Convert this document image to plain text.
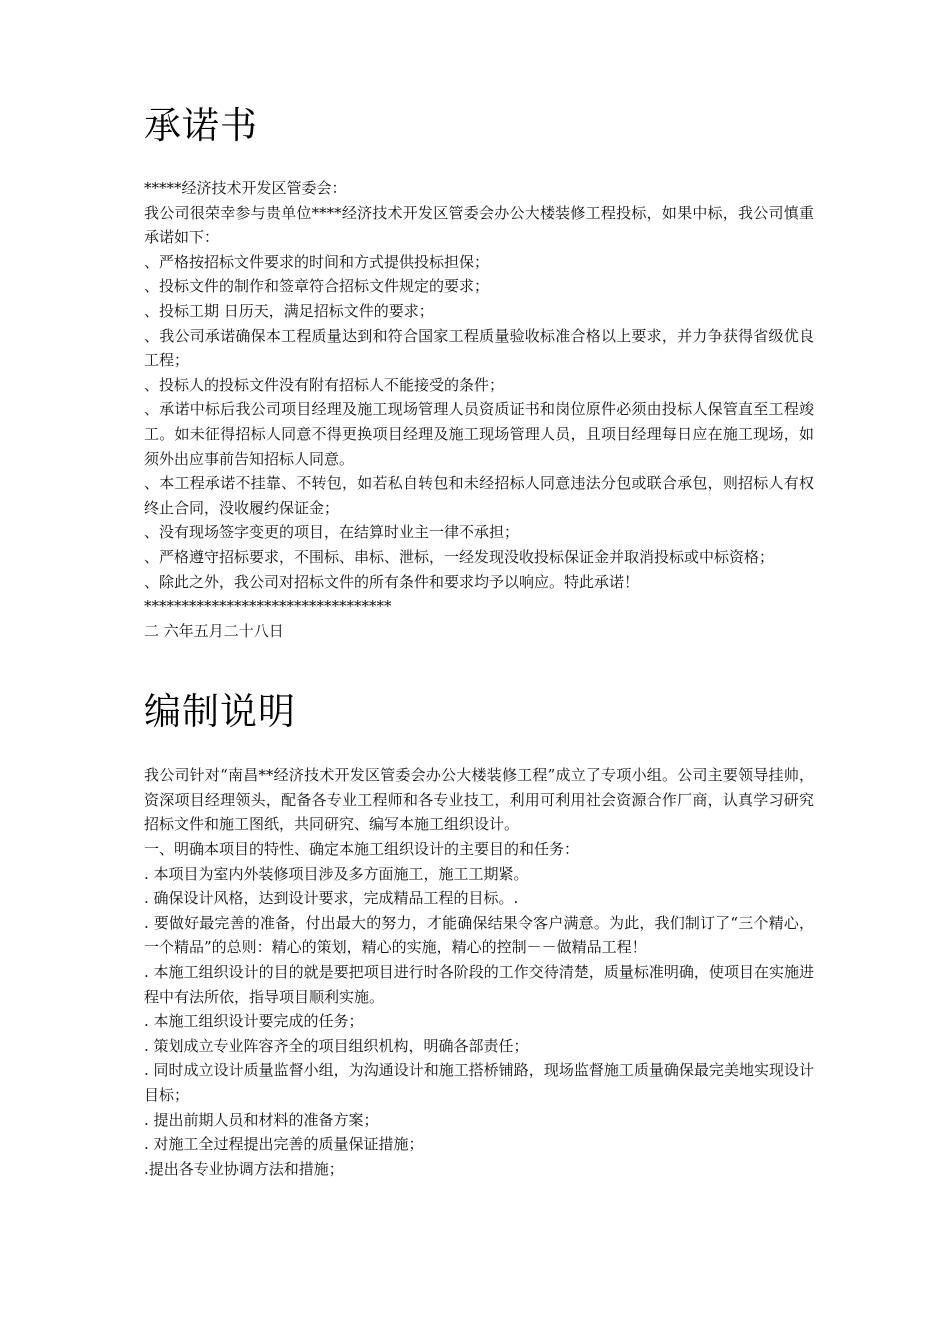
承诺书

*****经济技术开发区管委会：

我公司很荣幸参与贵单位****经济技术开发区管委会办公大楼装修工程投标，如果中标，我公司慎重承诺如下：

、严格按招标文件要求的时间和方式提供投标担保；

、投标文件的制作和签章符合招标文件规定的要求；

、投标工期 日历天，满足招标文件的要求；

、我公司承诺确保本工程质量达到和符合国家工程质量验收标准合格以上要求，并力争获得省级优良工程；

、投标人的投标文件没有附有招标人不能接受的条件；

、承诺中标后我公司项目经理及施工现场管理人员资质证书和岗位原件必须由投标人保管直至工程竣工。如未征得招标人同意不得更换项目经理及施工现场管理人员，且项目经理每日应在施工现场，如须外出应事前告知招标人同意。

、本工程承诺不挂靠、不转包，如若私自转包和未经招标人同意违法分包或联合承包，则招标人有权终止合同，没收履约保证金；

、没有现场签字变更的项目，在结算时业主一律不承担；

、严格遵守招标要求，不围标、串标、泄标，一经发现没收投标保证金并取消投标或中标资格；

、除此之外，我公司对招标文件的所有条件和要求均予以响应。特此承诺！

*********************************

二 六年五月二十八日

编制说明

我公司针对“南昌**经济技术开发区管委会办公大楼装修工程”成立了专项小组。公司主要领导挂帅，资深项目经理领头，配备各专业工程师和各专业技工，利用可利用社会资源合作厂商，认真学习研究招标文件和施工图纸，共同研究、编写本施工组织设计。

一、明确本项目的特性、确定本施工组织设计的主要目的和任务：

. 本项目为室内外装修项目涉及多方面施工，施工工期紧。

. 确保设计风格，达到设计要求，完成精品工程的目标。.

. 要做好最完善的准备，付出最大的努力，才能确保结果令客户满意。为此，我们制订了“三个精心，一个精品”的总则：精心的策划，精心的实施，精心的控制－－做精品工程！

. 本施工组织设计的目的就是要把项目进行时各阶段的工作交待清楚，质量标准明确，使项目在实施进程中有法所依，指导项目顺利实施。

. 本施工组织设计要完成的任务；

. 策划成立专业阵容齐全的项目组织机构，明确各部责任；

. 同时成立设计质量监督小组，为沟通设计和施工搭桥铺路，现场监督施工质量确保最完美地实现设计目标；

. 提出前期人员和材料的准备方案；

. 对施工全过程提出完善的质量保证措施；

.提出各专业协调方法和措施；
